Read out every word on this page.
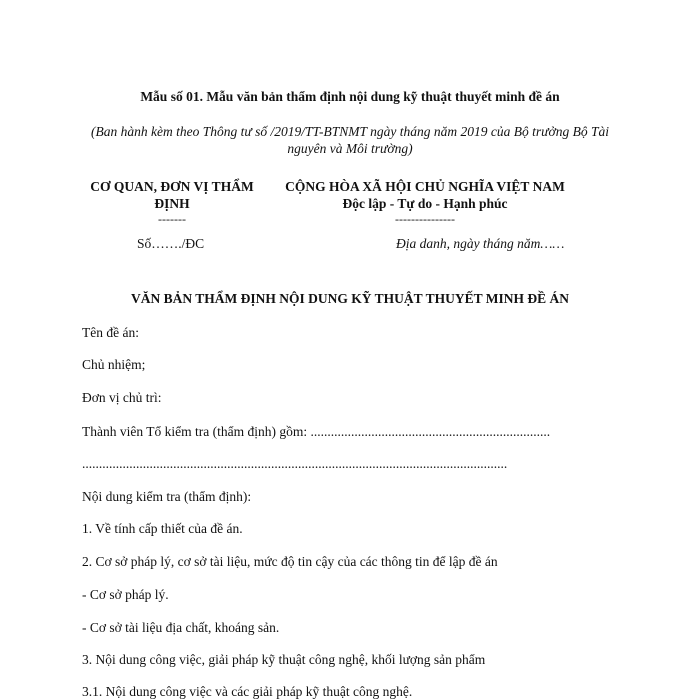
Mẫu số 01. Mẫu văn bản thẩm định nội dung kỹ thuật thuyết minh đề án
(Ban hành kèm theo Thông tư số /2019/TT-BTNMT ngày tháng năm 2019 của Bộ trưởng Bộ Tài nguyên và Môi trường)
CƠ QUAN, ĐƠN VỊ THẨM ĐỊNH
-------
CỘNG HÒA XÃ HỘI CHỦ NGHĨA VIỆT NAM
Độc lập - Tự do - Hạnh phúc
---------------
Số……./ĐC	Địa danh, ngày tháng năm……
VĂN BẢN THẨM ĐỊNH NỘI DUNG KỸ THUẬT THUYẾT MINH ĐỀ ÁN
Tên đề án:
Chủ nhiệm;
Đơn vị chủ trì:
Thành viên Tổ kiểm tra (thẩm định) gồm: .......................................................................
..............................................................................................................................
Nội dung kiểm tra (thẩm định):
1. Về tính cấp thiết của đề án.
2. Cơ sở pháp lý, cơ sở tài liệu, mức độ tin cậy của các thông tin để lập đề án
- Cơ sở pháp lý.
- Cơ sở tài liệu địa chất, khoáng sản.
3. Nội dung công việc, giải pháp kỹ thuật công nghệ, khối lượng sản phẩm
3.1. Nội dung công việc và các giải pháp kỹ thuật công nghệ.
